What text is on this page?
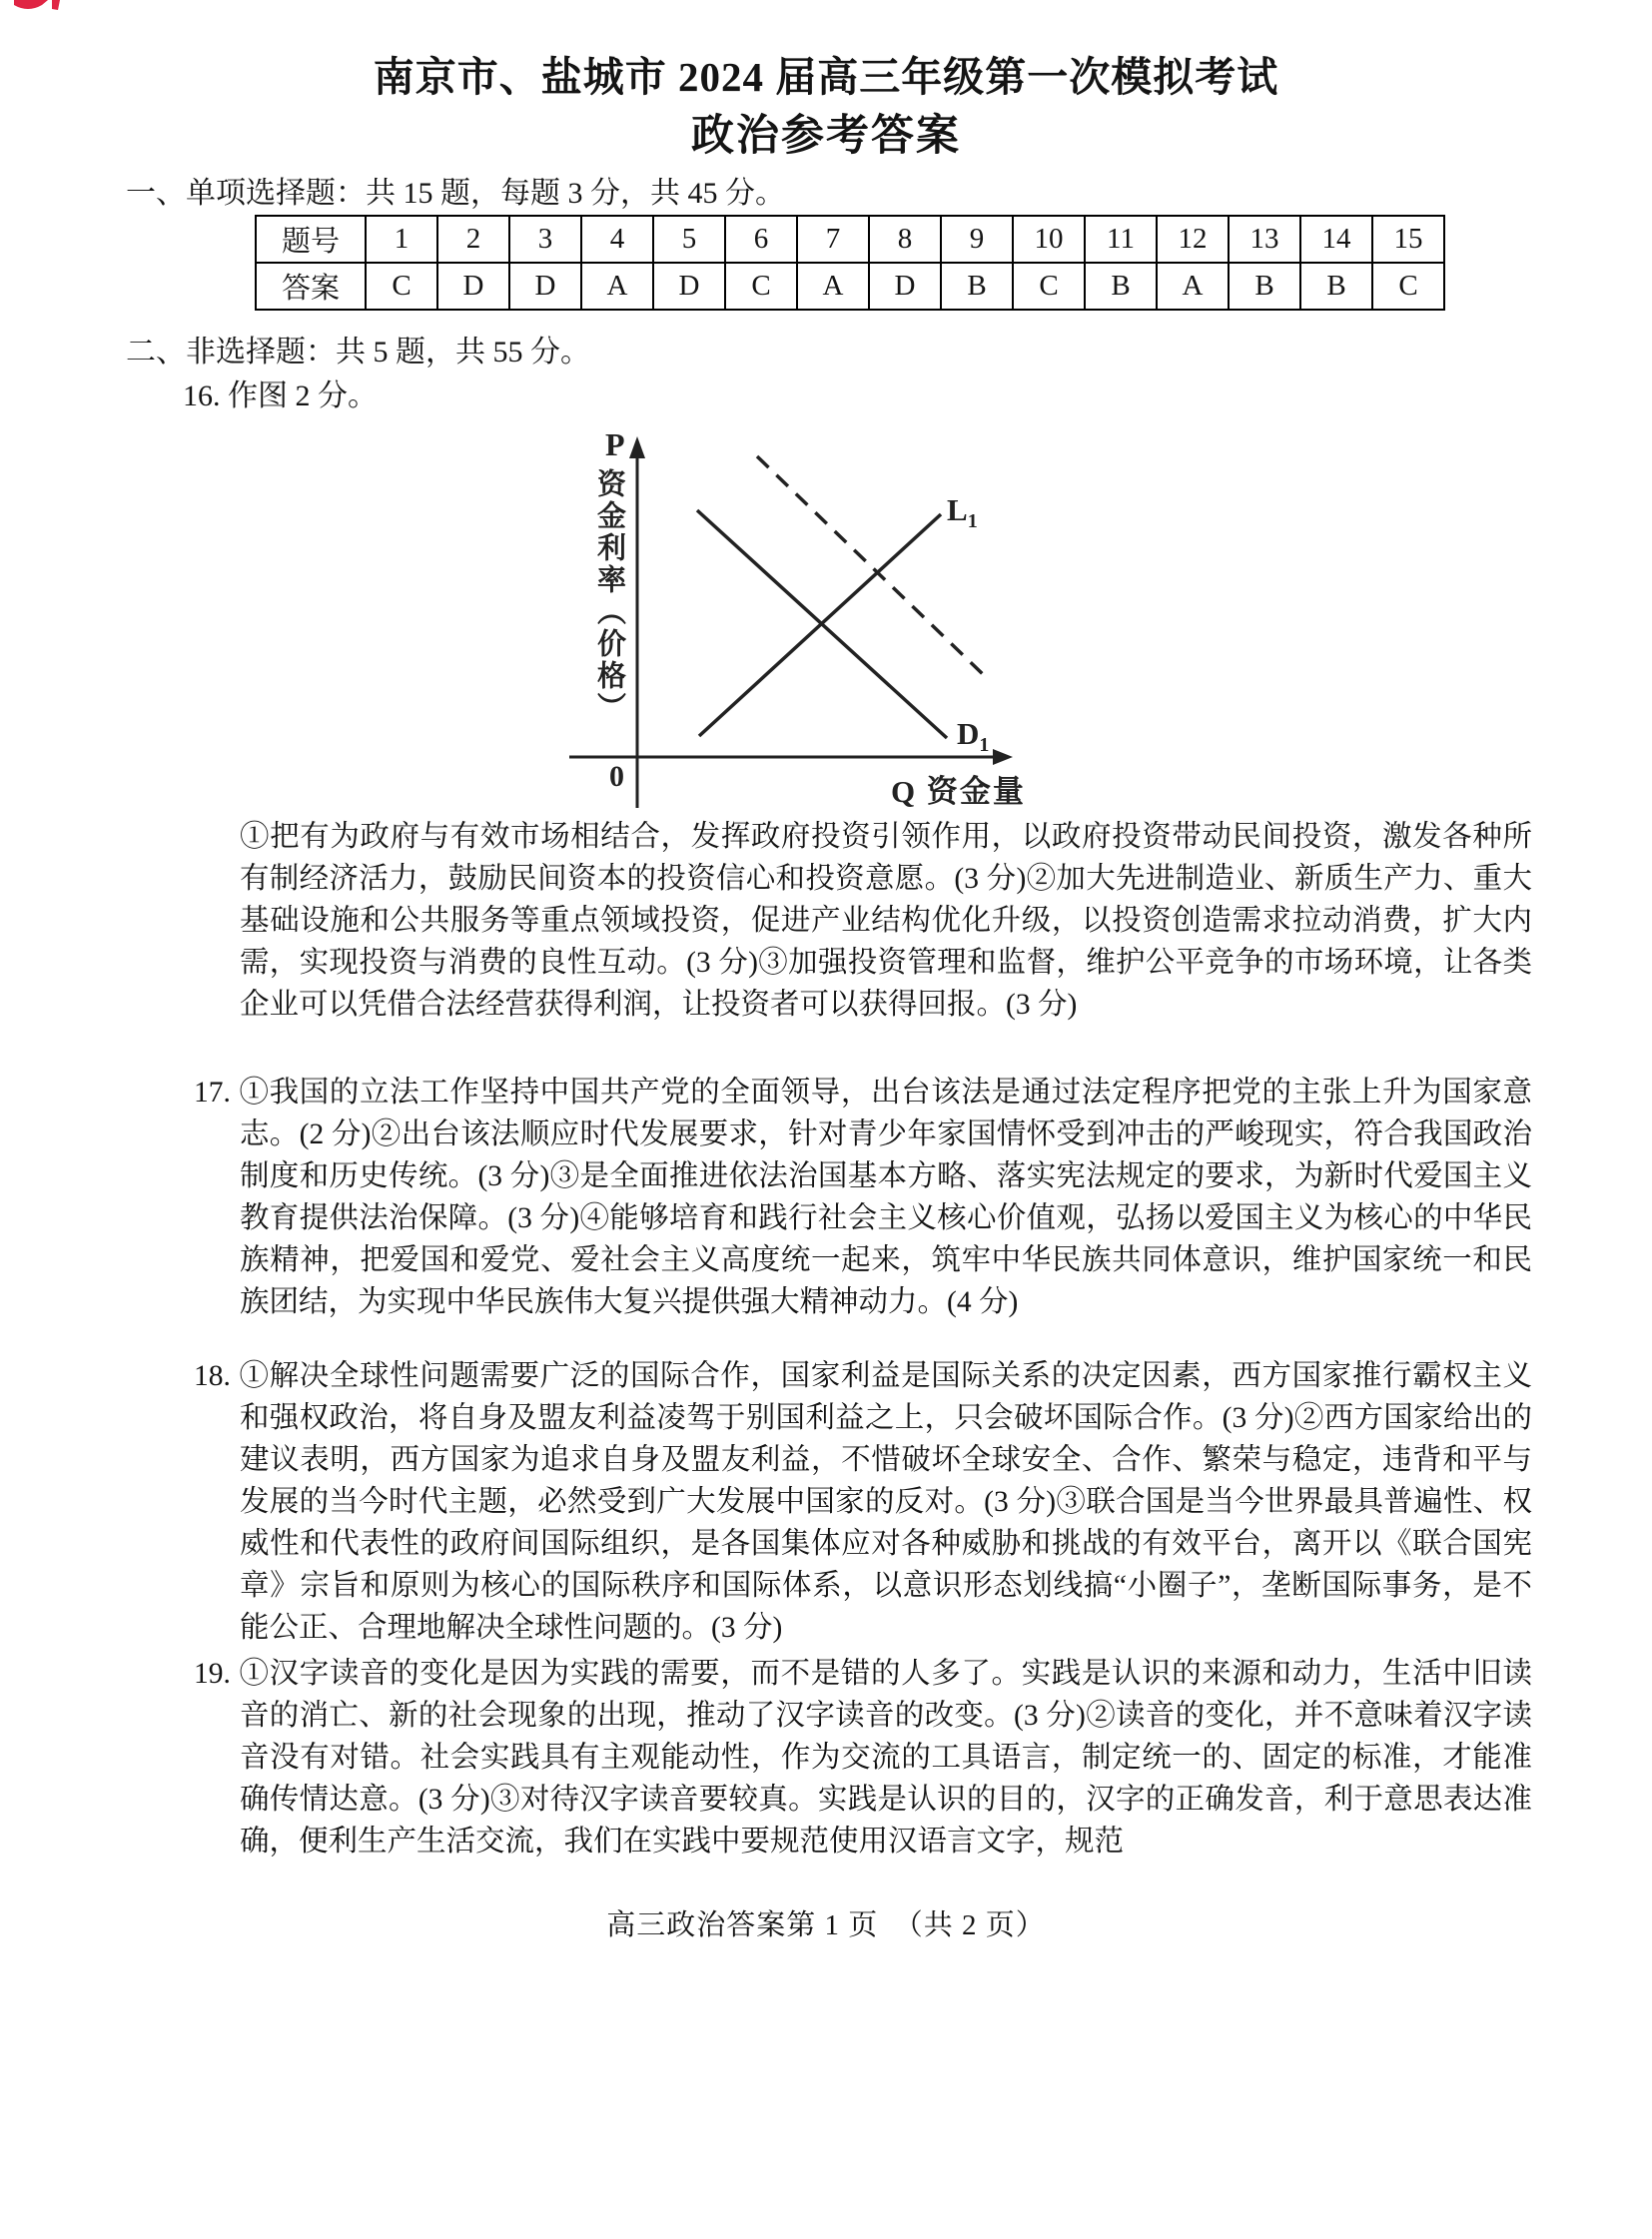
南京市、盐城市 2024 届高三年级第一次模拟考试
政治参考答案
一、单项选择题：共 15 题，每题 3 分，共 45 分。
题号	1	2	3	4	5	6	7	8	9	10	11	12	13	14	15
答案	C	D	D	A	D	C	A	D	B	C	B	A	B	B	C
二、非选择题：共 5 题，共 55 分。
16. 作图 2 分。
P
资金利率（价格）
0	Q 资金量
$L_1$
$D_1$
①把有为政府与有效市场相结合，发挥政府投资引领作用，以政府投资带动民间投资，激发各种所有制经济活力，鼓励民间资本的投资信心和投资意愿。(3 分)②加大先进制造业、新质生产力、重大基础设施和公共服务等重点领域投资，促进产业结构优化升级，以投资创造需求拉动消费，扩大内需，实现投资与消费的良性互动。(3 分)③加强投资管理和监督，维护公平竞争的市场环境，让各类企业可以凭借合法经营获得利润，让投资者可以获得回报。(3 分)
17. ①我国的立法工作坚持中国共产党的全面领导，出台该法是通过法定程序把党的主张上升为国家意志。(2 分)②出台该法顺应时代发展要求，针对青少年家国情怀受到冲击的严峻现实，符合我国政治制度和历史传统。(3 分)③是全面推进依法治国基本方略、落实宪法规定的要求，为新时代爱国主义教育提供法治保障。(3 分)④能够培育和践行社会主义核心价值观，弘扬以爱国主义为核心的中华民族精神，把爱国和爱党、爱社会主义高度统一起来，筑牢中华民族共同体意识，维护国家统一和民族团结，为实现中华民族伟大复兴提供强大精神动力。(4 分)
18. ①解决全球性问题需要广泛的国际合作，国家利益是国际关系的决定因素，西方国家推行霸权主义和强权政治，将自身及盟友利益凌驾于别国利益之上，只会破坏国际合作。(3 分)②西方国家给出的建议表明，西方国家为追求自身及盟友利益，不惜破坏全球安全、合作、繁荣与稳定，违背和平与发展的当今时代主题，必然受到广大发展中国家的反对。(3 分)③联合国是当今世界最具普遍性、权威性和代表性的政府间国际组织，是各国集体应对各种威胁和挑战的有效平台，离开以《联合国宪章》宗旨和原则为核心的国际秩序和国际体系，以意识形态划线搞“小圈子”，垄断国际事务，是不能公正、合理地解决全球性问题的。(3 分)
19. ①汉字读音的变化是因为实践的需要，而不是错的人多了。实践是认识的来源和动力，生活中旧读音的消亡、新的社会现象的出现，推动了汉字读音的改变。(3 分)②读音的变化，并不意味着汉字读音没有对错。社会实践具有主观能动性，作为交流的工具语言，制定统一的、固定的标准，才能准确传情达意。(3 分)③对待汉字读音要较真。实践是认识的目的，汉字的正确发音，利于意思表达准确，便利生产生活交流，我们在实践中要规范使用汉语言文字，规范
高三政治答案第 1 页　（共 2 页）
